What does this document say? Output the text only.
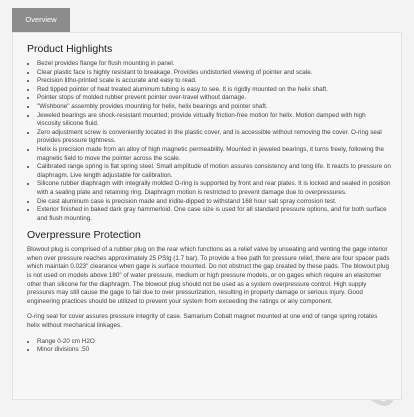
Overview
Product Highlights
• Bezel provides flange for flush mounting in panel.
• Clear plastic face is highly resistant to breakage. Provides undistorted viewing of pointer and scale.
• Precision litho-printed scale is accurate and easy to read.
• Red tipped pointer of heat treated aluminum tubing is easy to see. It is rigidly mounted on the helix shaft.
• Pointer stops of molded rubber prevent pointer over-travel without damage.
• "Wishbone" assembly provides mounting for helix, helix bearings and pointer shaft.
• Jeweled bearings are shock-resistant mounted; provide virtually friction-free motion for helix. Motion damped with high viscosity silicone fluid.
• Zero adjustment screw is conveniently located in the plastic cover, and is accessible without removing the cover. O-ring seal provides pressure tightness.
• Helix is precision made from an alloy of high magnetic permeability. Mounted in jeweled bearings, it turns freely, following the magnetic field to move the pointer across the scale.
• Calibrated range spring is flat spring steel. Small amplitude of motion assures consistency and long life. It reacts to pressure on diaphragm. Live length adjustable for calibration.
• Silicone rubber diaphragm with integrally molded O-ring is supported by front and rear plates. It is locked and sealed in position with a sealing plate and retaining ring. Diaphragm motion is restricted to prevent damage due to overpressures.
• Die cast aluminum case is precision made and iridite-dipped to withstand 168 hour salt spray corrosion test.
• Exterior finished in baked dark gray hammerloid. One case size is used for all standard pressure options, and for both surface and flush mounting.
Overpressure Protection

Blowout plug is comprised of a rubber plug on the rear which functions as a relief valve by unseating and venting the gage interior when over pressure reaches approximately 25 PSIg (1.7 bar). To provide a free path for pressure relief, there are four spacer pads which maintain 0.023" clearance when gage is surface mounted. Do not obstruct the gap created by these pads. The blowout plug is not used on models above 180" of water pressure, medium or high pressure models, or on gages which require an elastomer other than silicone for the diaphragm. The blowout plug should not be used as a system overpressure control. High supply pressures may still cause the gage to fail due to over pressurization, resulting in property damage or serious injury. Good engineering practices should be utilized to prevent your system from exceeding the ratings or any component.

O-ring seal for cover assures pressure integrity of case. Samarium Cobalt magnet mounted at one end of range spring rotates helix without mechanical linkages.

• Range 0-20 cm H2O
• Minor divisions .50
